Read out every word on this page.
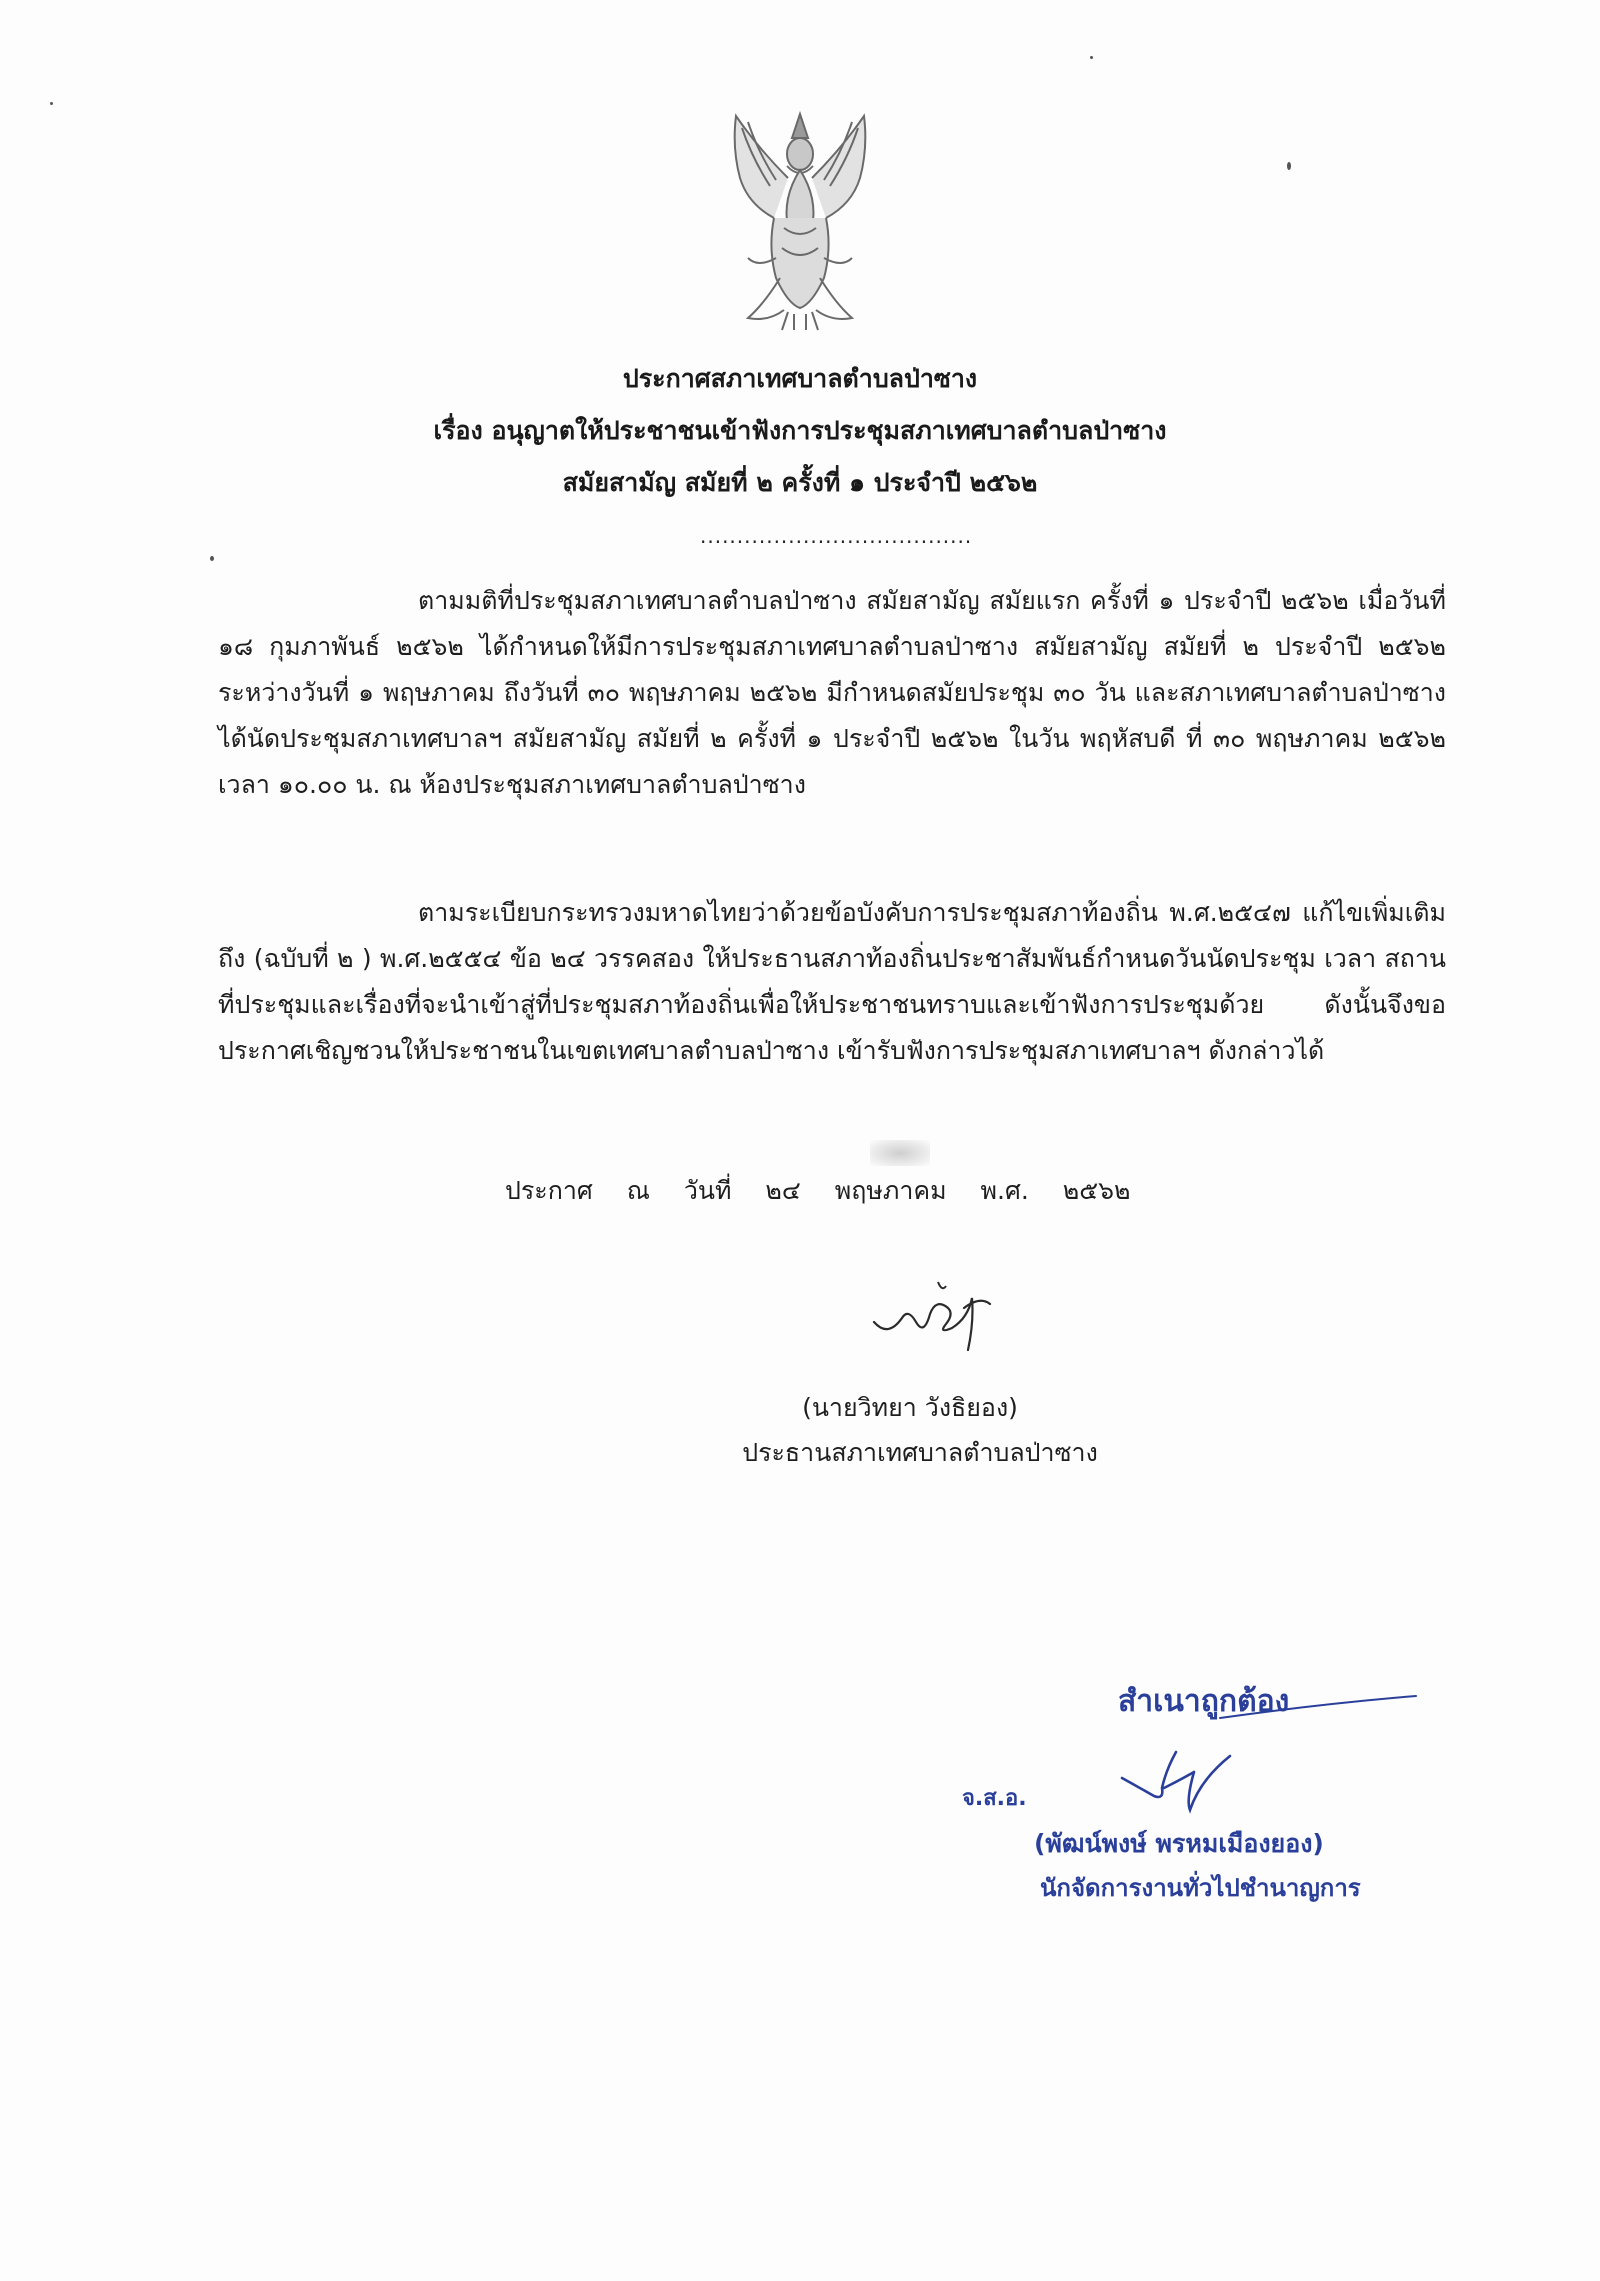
ประกาศสภาเทศบาลตำบลป่าซาง
เรื่อง อนุญาตให้ประชาชนเข้าฟังการประชุมสภาเทศบาลตำบลป่าซาง
สมัยสามัญ สมัยที่ ๒ ครั้งที่ ๑ ประจำปี ๒๕๖๒
.....................................
ตามมติที่ประชุมสภาเทศบาลตำบลป่าซาง สมัยสามัญ สมัยแรก ครั้งที่ ๑ ประจำปี ๒๕๖๒ เมื่อวันที่ ๑๘ กุมภาพันธ์ ๒๕๖๒ ได้กำหนดให้มีการประชุมสภาเทศบาลตำบลป่าซาง สมัยสามัญ สมัยที่ ๒ ประจำปี ๒๕๖๒ ระหว่างวันที่ ๑ พฤษภาคม ถึงวันที่ ๓๐ พฤษภาคม ๒๕๖๒ มีกำหนดสมัยประชุม ๓๐ วัน และสภาเทศบาลตำบลป่าซาง ได้นัดประชุมสภาเทศบาลฯ สมัยสามัญ สมัยที่ ๒ ครั้งที่ ๑ ประจำปี ๒๕๖๒ ในวัน พฤหัสบดี ที่ ๓๐ พฤษภาคม ๒๕๖๒ เวลา ๑๐.๐๐ น. ณ ห้องประชุมสภาเทศบาลตำบลป่าซาง
ตามระเบียบกระทรวงมหาดไทยว่าด้วยข้อบังคับการประชุมสภาท้องถิ่น พ.ศ.๒๕๔๗ แก้ไขเพิ่มเติมถึง (ฉบับที่ ๒ ) พ.ศ.๒๕๕๔ ข้อ ๒๔ วรรคสอง ให้ประธานสภาท้องถิ่นประชาสัมพันธ์กำหนดวันนัดประชุม เวลา สถานที่ประชุมและเรื่องที่จะนำเข้าสู่ที่ประชุมสภาท้องถิ่นเพื่อให้ประชาชนทราบและเข้าฟังการประชุมด้วย ดังนั้นจึงขอประกาศเชิญชวนให้ประชาชนในเขตเทศบาลตำบลป่าซาง เข้ารับฟังการประชุมสภาเทศบาลฯ ดังกล่าวได้
ประกาศ ณ วันที่ ๒๔ พฤษภาคม พ.ศ. ๒๕๖๒
(นายวิทยา วังธิยอง)
ประธานสภาเทศบาลตำบลป่าซาง
สำเนาถูกต้อง
จ.ส.อ.
(พัฒน์พงษ์ พรหมเมืองยอง)
นักจัดการงานทั่วไปชำนาญการ
